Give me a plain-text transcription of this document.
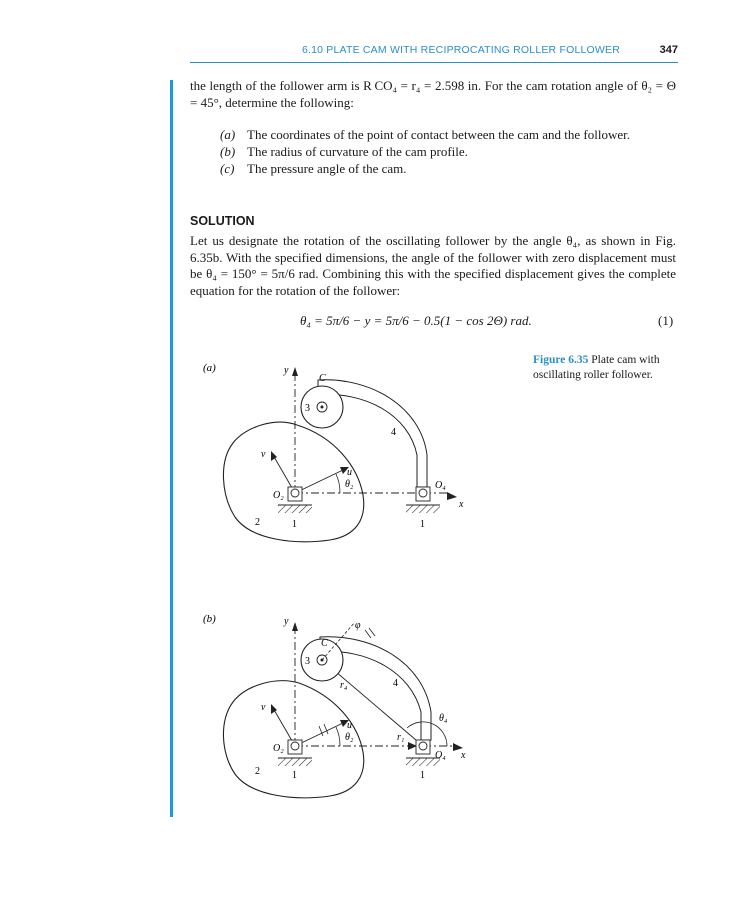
6.10 PLATE CAM WITH RECIPROCATING ROLLER FOLLOWER	347
the length of the follower arm is R CO₄ = r₄ = 2.598 in. For the cam rotation angle of θ₂ = Θ = 45°, determine the following:
(a) The coordinates of the point of contact between the cam and the follower.
(b) The radius of curvature of the cam profile.
(c) The pressure angle of the cam.
SOLUTION
Let us designate the rotation of the oscillating follower by the angle θ₄, as shown in Fig. 6.35b. With the specified dimensions, the angle of the follower with zero displacement must be θ₄ = 150° = 5π/6 rad. Combining this with the specified displacement gives the complete equation for the rotation of the follower:
θ₄ = 5π/6 − y = 5π/6 − 0.5(1 − cos 2Θ) rad.	(1)
Figure 6.35 Plate cam with oscillating roller follower.
(a)	y
x
v
u
θ₂
O₂
4
3
C
O₄
2	1	1
(b)	y
x
v
u
θ₂
4
r₄
r₁
θ₄
3
C
φ
O₂
O₄
2	1	1
